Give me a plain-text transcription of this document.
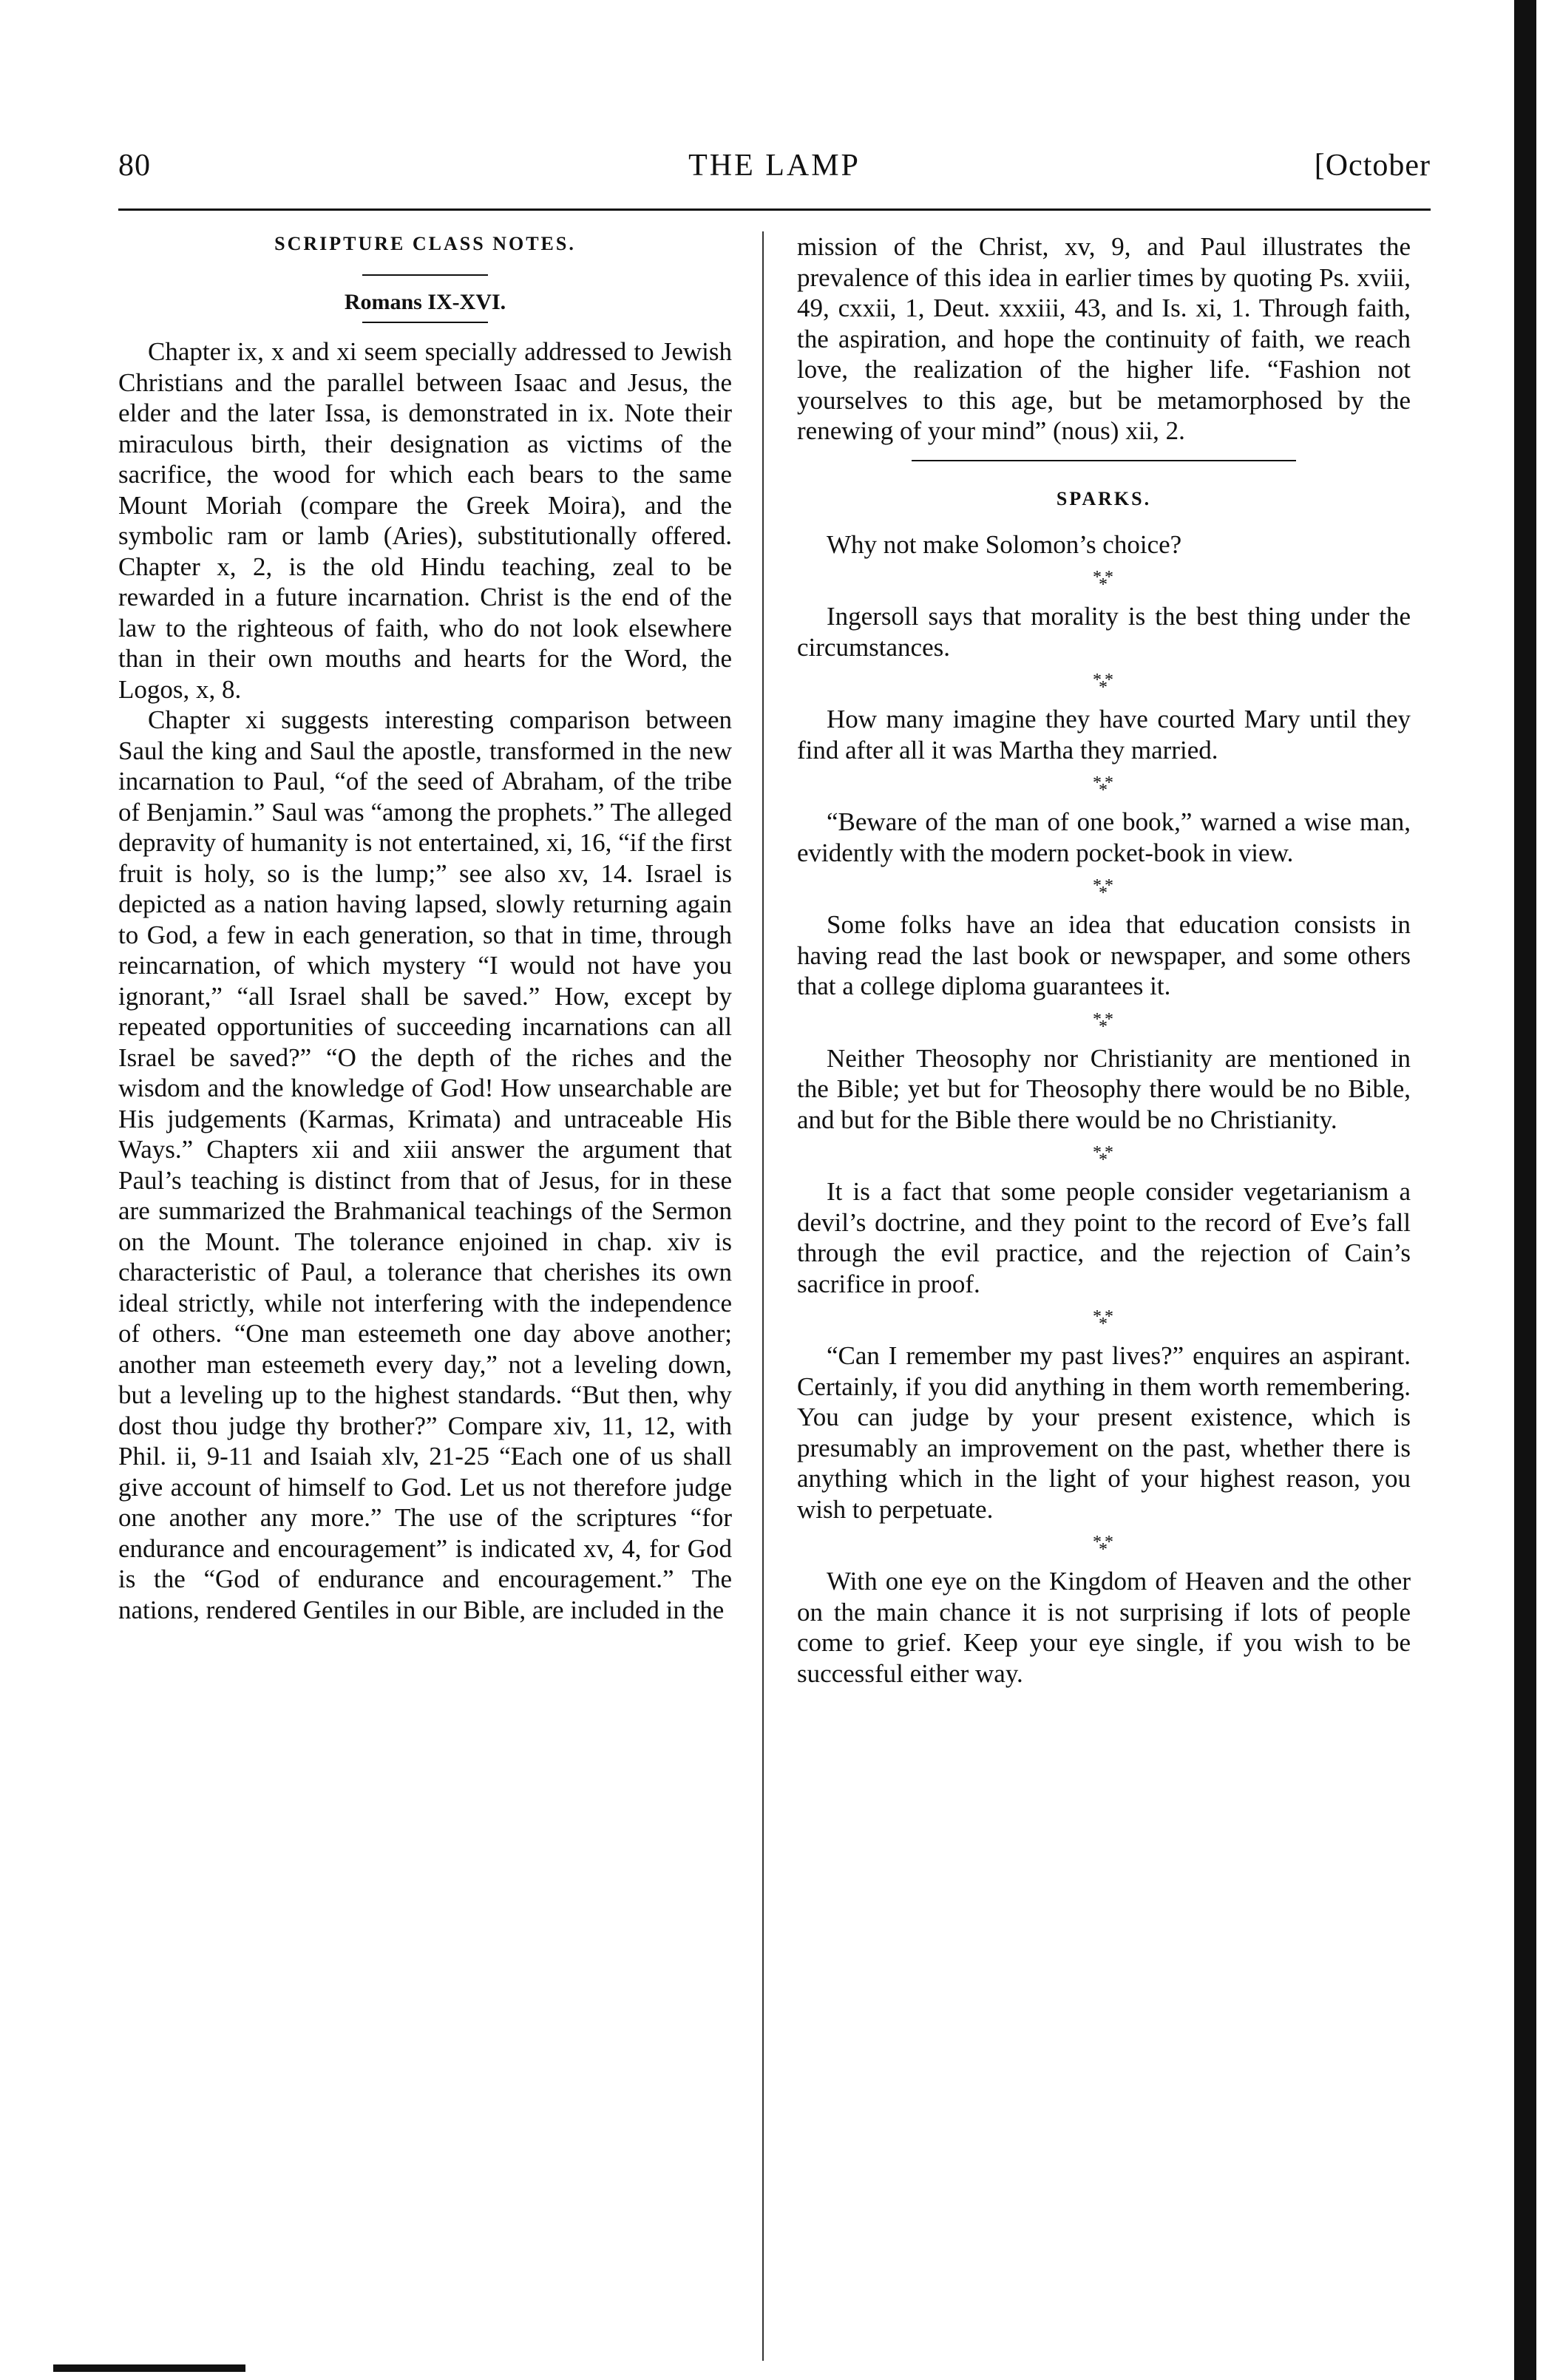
80	THE LAMP	[October
SCRIPTURE CLASS NOTES.
Romans IX-XVI.

Chapter ix, x and xi seem specially addressed to Jewish Christians and the parallel between Isaac and Jesus, the elder and the later Issa, is demonstrated in ix. Note their miraculous birth, their designation as victims of the sacrifice, the wood for which each bears to the same Mount Moriah (compare the Greek Moira), and the symbolic ram or lamb (Aries), substitutionally offered. Chapter x, 2, is the old Hindu teaching, zeal to be rewarded in a future incarnation. Christ is the end of the law to the righteous of faith, who do not look elsewhere than in their own mouths and hearts for the Word, the Logos, x, 8.

Chapter xi suggests interesting comparison between Saul the king and Saul the apostle, transformed in the new incarnation to Paul, “of the seed of Abraham, of the tribe of Benjamin.” Saul was “among the prophets.” The alleged depravity of humanity is not entertained, xi, 16, “if the first fruit is holy, so is the lump;” see also xv, 14. Israel is depicted as a nation having lapsed, slowly returning again to God, a few in each generation, so that in time, through reincarnation, of which mystery “I would not have you ignorant,” “all Israel shall be saved.” How, except by repeated opportunities of succeeding incarnations can all Israel be saved?” “O the depth of the riches and the wisdom and the knowledge of God! How unsearchable are His judgements (Karmas, Krimata) and untraceable His Ways.” Chapters xii and xiii answer the argument that Paul’s teaching is distinct from that of Jesus, for in these are summarized the Brahmanical teachings of the Sermon on the Mount. The tolerance enjoined in chap. xiv is characteristic of Paul, a tolerance that cherishes its own ideal strictly, while not interfering with the independence of others. “One man esteemeth one day above another; another man esteemeth every day,” not a leveling down, but a leveling up to the highest standards. “But then, why dost thou judge thy brother?” Compare xiv, 11, 12, with Phil. ii, 9-11 and Isaiah xlv, 21-25 “Each one of us shall give account of himself to God. Let us not therefore judge one another any more.” The use of the scriptures “for endurance and encouragement” is indicated xv, 4, for God is the “God of endurance and encouragement.” The nations, rendered Gentiles in our Bible, are included in the

mission of the Christ, xv, 9, and Paul illustrates the prevalence of this idea in earlier times by quoting Ps. xviii, 49, cxxii, 1, Deut. xxxiii, 43, and Is. xi, 1. Through faith, the aspiration, and hope the continuity of faith, we reach love, the realization of the higher life. “Fashion not yourselves to this age, but be metamorphosed by the renewing of your mind” (nous) xii, 2.

SPARKS.

Why not make Solomon’s choice?

***

Ingersoll says that morality is the best thing under the circumstances.

***

How many imagine they have courted Mary until they find after all it was Martha they married.

***

“Beware of the man of one book,” warned a wise man, evidently with the modern pocket-book in view.

***

Some folks have an idea that education consists in having read the last book or newspaper, and some others that a college diploma guarantees it.

***

Neither Theosophy nor Christianity are mentioned in the Bible; yet but for Theosophy there would be no Bible, and but for the Bible there would be no Christianity.

***

It is a fact that some people consider vegetarianism a devil’s doctrine, and they point to the record of Eve’s fall through the evil practice, and the rejection of Cain’s sacrifice in proof.

***

“Can I remember my past lives?” enquires an aspirant. Certainly, if you did anything in them worth remembering. You can judge by your present existence, which is presumably an improvement on the past, whether there is anything which in the light of your highest reason, you wish to perpetuate.

***

With one eye on the Kingdom of Heaven and the other on the main chance it is not surprising if lots of people come to grief. Keep your eye single, if you wish to be successful either way.
